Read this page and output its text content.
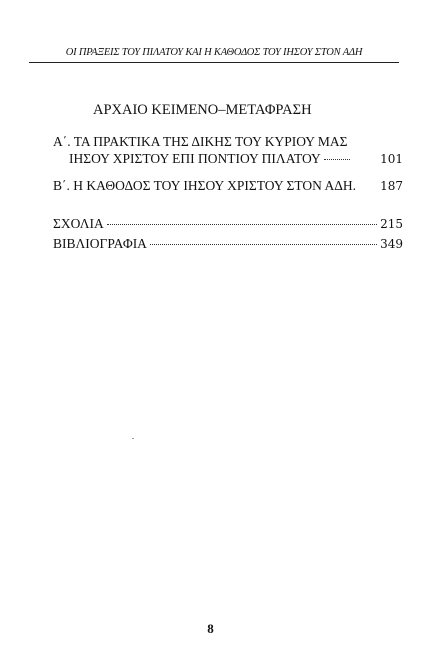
ΟΙ ΠΡΑΞΕΙΣ ΤΟΥ ΠΙΛΑΤΟΥ ΚΑΙ Η ΚΑΘΟΔΟΣ ΤΟΥ ΙΗΣΟΥ ΣΤΟΝ ΑΔΗ
ΑΡΧΑΙΟ ΚΕΙΜΕΝΟ–ΜΕΤΑΦΡΑΣΗ
Α΄. ΤΑ ΠΡΑΚΤΙΚΑ ΤΗΣ ΔΙΚΗΣ ΤΟΥ ΚΥΡΙΟΥ ΜΑΣ
ΙΗΣΟΥ ΧΡΙΣΤΟΥ ΕΠΙ ΠΟΝΤΙΟΥ ΠΙΛΑΤΟΥ	101
Β΄. Η ΚΑΘΟΔΟΣ ΤΟΥ ΙΗΣΟΥ ΧΡΙΣΤΟΥ ΣΤΟΝ ΑΔΗ. 187
ΣΧΟΛΙΑ	215
ΒΙΒΛΙΟΓΡΑΦΙΑ	349
8
